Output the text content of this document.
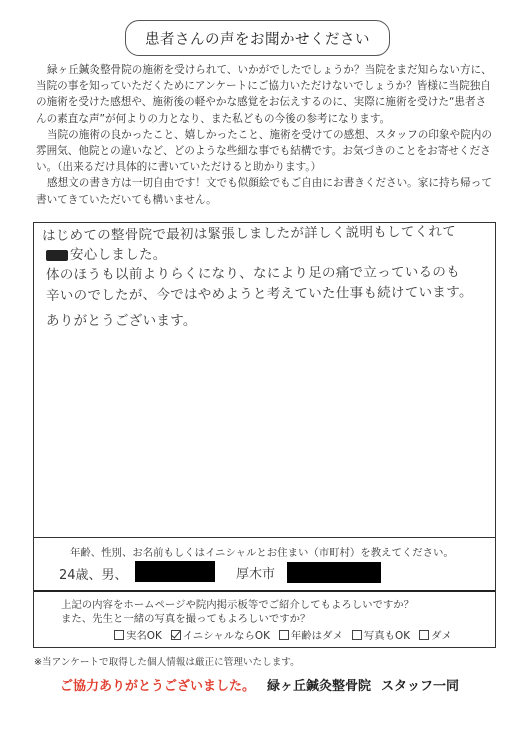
患者さんの声をお聞かせください

緑ヶ丘鍼灸整骨院の施術を受けられて、いかがでしたでしょうか？当院をまだ知らない方に、当院の事を知っていただくためにアンケートにご協力いただけないでしょうか？皆様に当院独自の施術を受けた感想や、施術後の軽やかな感覚をお伝えするのに、実際に施術を受けた“患者さんの素直な声”が何よりの力となり、また私どもの今後の参考になります。

当院の施術の良かったこと、嬉しかったこと、施術を受けての感想、スタッフの印象や院内の雰囲気、他院との違いなど、どのような些細な事でも結構です。お気づきのことをお寄せください。（出来るだけ具体的に書いていただけると助かります。）

感想文の書き方は一切自由です！文でも似顔絵でもご自由にお書きください。家に持ち帰って書いてきていただいても構いません。

はじめての整骨院で最初は緊張しましたが詳しく説明もしてくれて
安心しました。
体のほうも以前よりらくになり、なにより足の痛で立っているのも
辛いのでしたが、今ではやめようと考えていた仕事も続けています。
ありがとうございます。
年齢、性別、お名前もしくはイニシャルとお住まい（市町村）を教えてください。
24歳、男、	厚木市
上記の内容をホームページや院内掲示板等でご紹介してもよろしいですか？
また、先生と一緒の写真を撮ってもよろしいですか？
実名OK イニシャルならOK 年齢はダメ 写真もOK ダメ
※当アンケートで取得した個人情報は厳正に管理いたします。
ご協力ありがとうございました。 緑ヶ丘鍼灸整骨院 スタッフ一同
